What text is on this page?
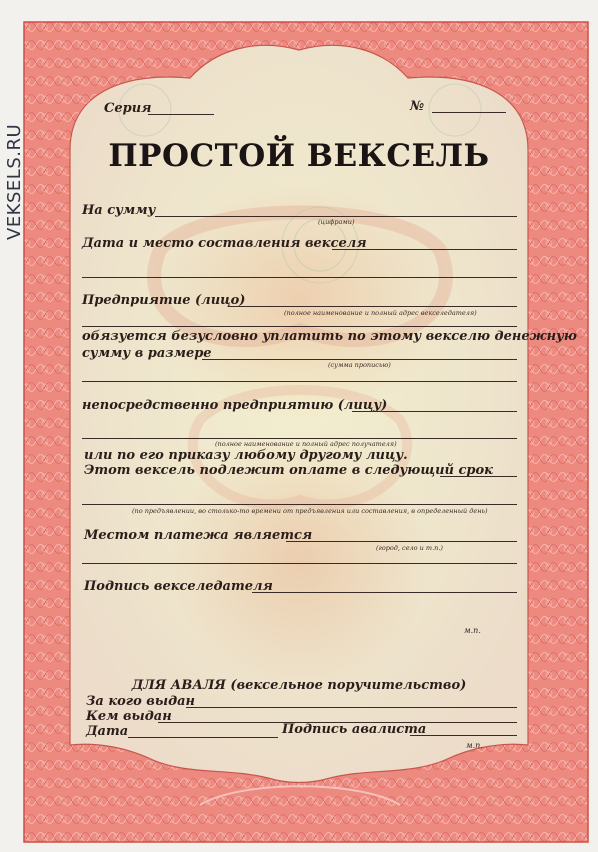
VEKSELS.RU
Серия	№
ПРОСТОЙ ВЕКСЕЛЬ
На сумму
(цифрами)
Дата и место составления векселя
Предприятие (лицо)
(полное наименование и полный адрес векселедателя)
обязуется безусловно уплатить по этому векселю денежную
сумму в размере
(сумма прописью)
непосредственно предприятию (лицу)
(полное наименование и полный адрес получателя)
или по его приказу любому другому лицу.
Этот вексель подлежит оплате в следующий срок
(по предъявлении, во столько-то времени от предъявления или составления, в определенный день)
Местом платежа является
(город, село и т.п.)
Подпись векселедателя
м.п.
ДЛЯ АВАЛЯ (вексельное поручительство)
За кого выдан
Кем выдан
Дата	Подпись авалиста
м.п.
